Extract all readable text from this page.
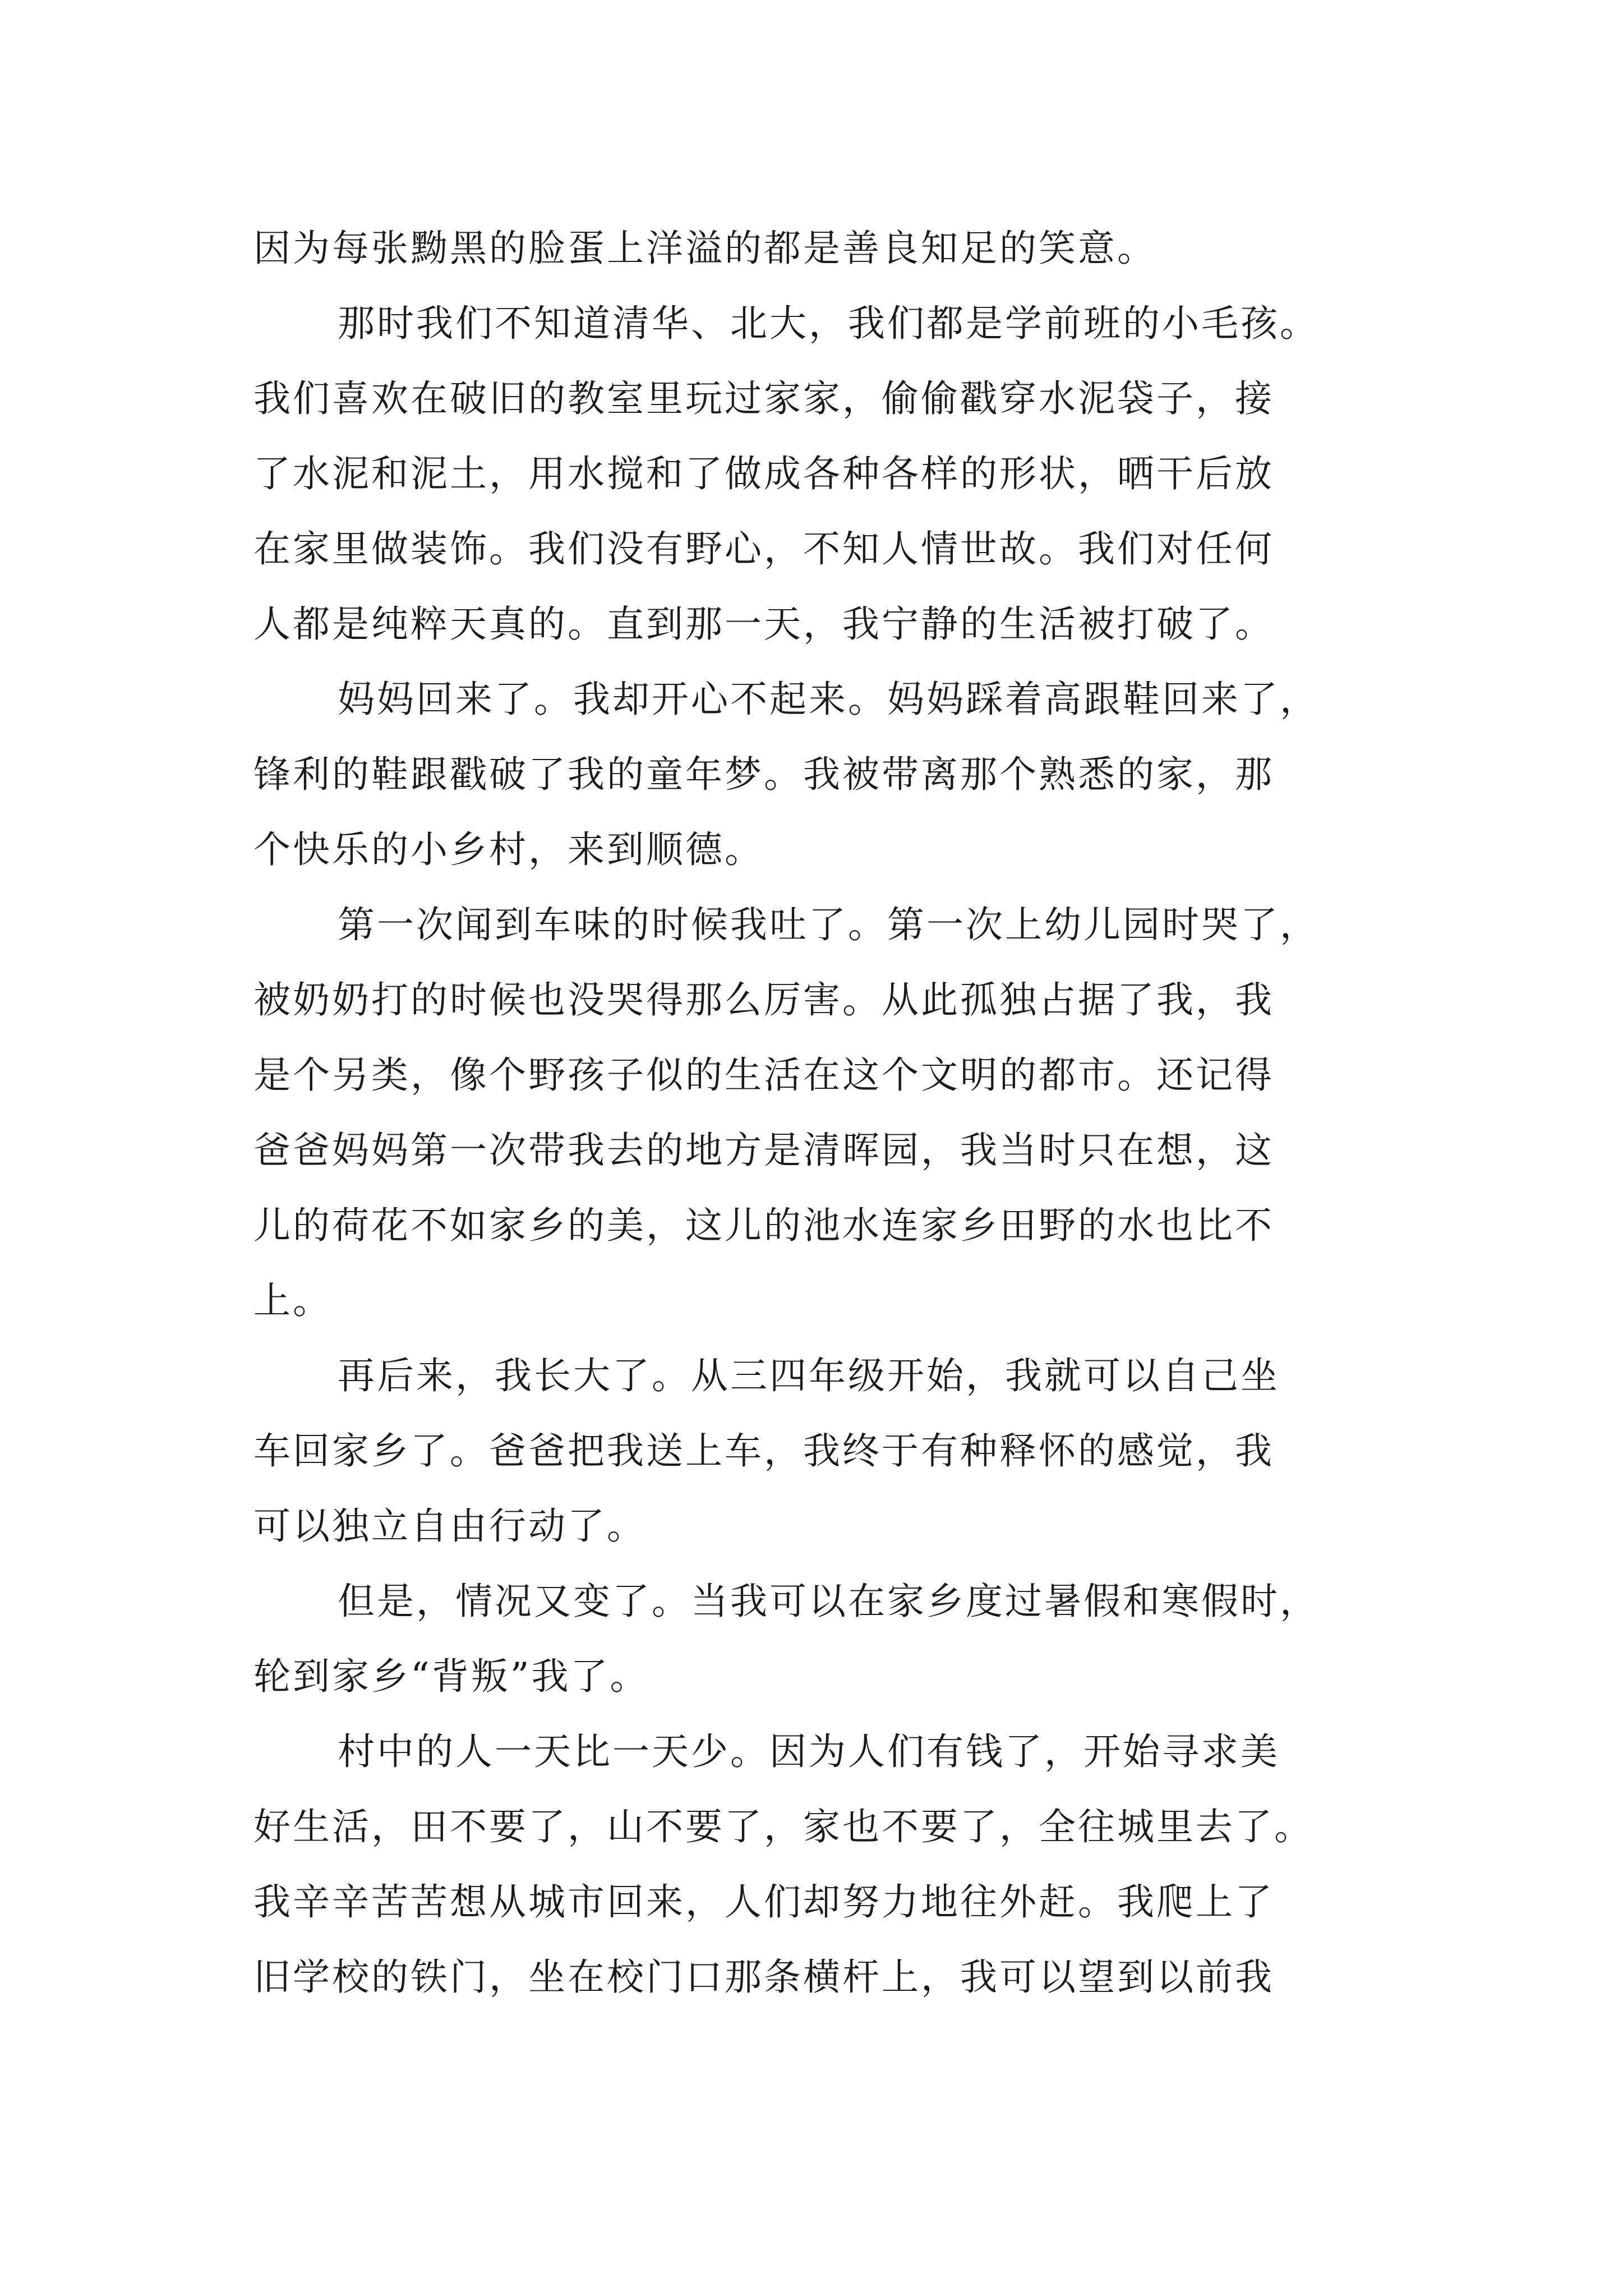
因为每张黝黑的脸蛋上洋溢的都是善良知足的笑意。

那时我们不知道清华、北大，我们都是学前班的小毛孩。

我们喜欢在破旧的教室里玩过家家，偷偷戳穿水泥袋子，接

了水泥和泥土，用水搅和了做成各种各样的形状，晒干后放

在家里做装饰。我们没有野心，不知人情世故。我们对任何

人都是纯粹天真的。直到那一天，我宁静的生活被打破了。

妈妈回来了。我却开心不起来。妈妈踩着高跟鞋回来了，

锋利的鞋跟戳破了我的童年梦。我被带离那个熟悉的家，那

个快乐的小乡村，来到顺德。

第一次闻到车味的时候我吐了。第一次上幼儿园时哭了，

被奶奶打的时候也没哭得那么厉害。从此孤独占据了我，我

是个另类，像个野孩子似的生活在这个文明的都市。还记得

爸爸妈妈第一次带我去的地方是清晖园，我当时只在想，这

儿的荷花不如家乡的美，这儿的池水连家乡田野的水也比不

上。

再后来，我长大了。从三四年级开始，我就可以自己坐

车回家乡了。爸爸把我送上车，我终于有种释怀的感觉，我

可以独立自由行动了。

但是，情况又变了。当我可以在家乡度过暑假和寒假时，

轮到家乡“背叛”我了。

村中的人一天比一天少。因为人们有钱了，开始寻求美

好生活，田不要了，山不要了，家也不要了，全往城里去了。

我辛辛苦苦想从城市回来，人们却努力地往外赶。我爬上了

旧学校的铁门，坐在校门口那条横杆上，我可以望到以前我
